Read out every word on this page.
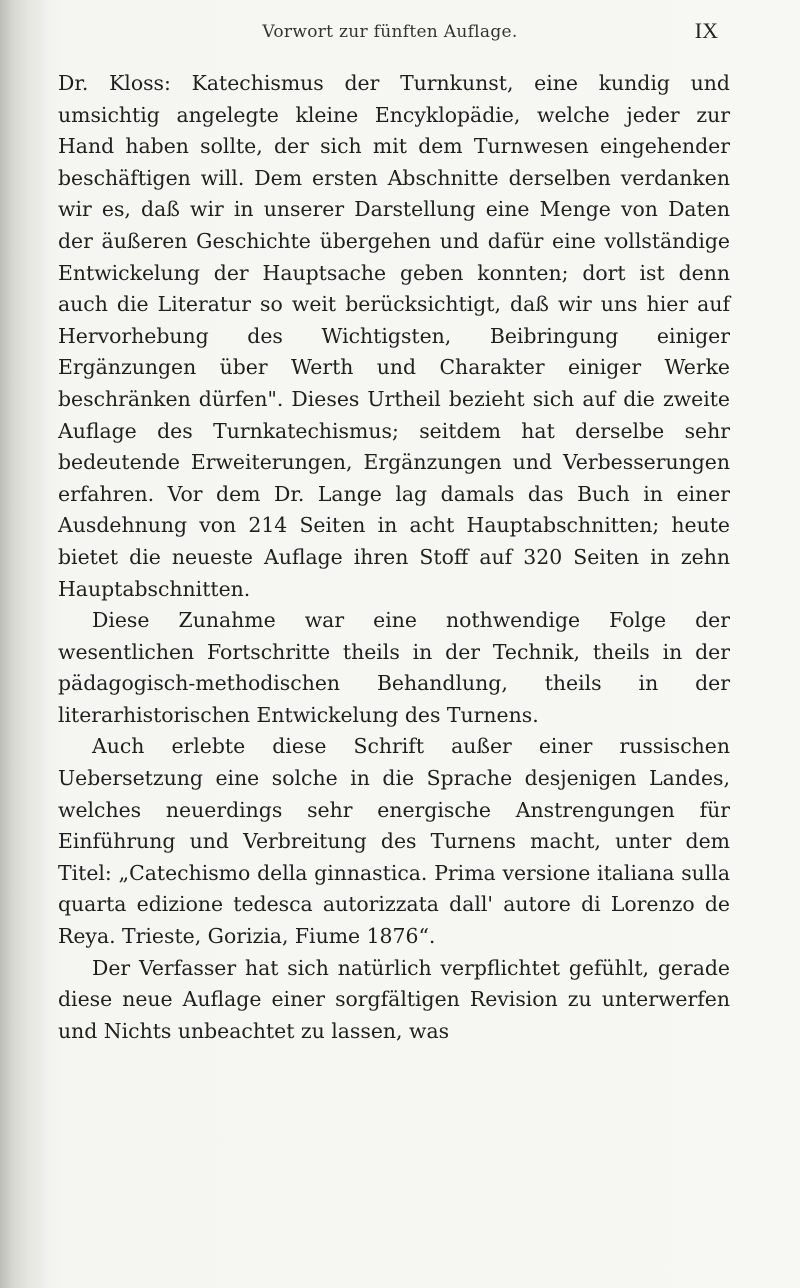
Vorwort zur fünften Auflage.	IX

Dr. Kloss: Katechismus der Turnkunst, eine kundig und umsichtig angelegte kleine Encyklopädie, welche jeder zur Hand haben sollte, der sich mit dem Turnwesen eingehender beschäftigen will. Dem ersten Abschnitte derselben verdanken wir es, daß wir in unserer Darstellung eine Menge von Daten der äußeren Geschichte übergehen und dafür eine vollständige Entwickelung der Hauptsache geben konnten; dort ist denn auch die Literatur so weit berücksichtigt, daß wir uns hier auf Hervorhebung des Wichtigsten, Beibringung einiger Ergänzungen über Werth und Charakter einiger Werke beschränken dürfen". Dieses Urtheil bezieht sich auf die zweite Auflage des Turnkatechismus; seitdem hat derselbe sehr bedeutende Erweiterungen, Ergänzungen und Verbesserungen erfahren. Vor dem Dr. Lange lag damals das Buch in einer Ausdehnung von 214 Seiten in acht Hauptabschnitten; heute bietet die neueste Auflage ihren Stoff auf 320 Seiten in zehn Hauptabschnitten.

Diese Zunahme war eine nothwendige Folge der wesentlichen Fortschritte theils in der Technik, theils in der pädagogisch-methodischen Behandlung, theils in der literarhistorischen Entwickelung des Turnens.

Auch erlebte diese Schrift außer einer russischen Uebersetzung eine solche in die Sprache desjenigen Landes, welches neuerdings sehr energische Anstrengungen für Einführung und Verbreitung des Turnens macht, unter dem Titel: „Catechismo della ginnastica. Prima versione italiana sulla quarta edizione tedesca autorizzata dall' autore di Lorenzo de Reya. Trieste, Gorizia, Fiume 1876“.

Der Verfasser hat sich natürlich verpflichtet gefühlt, gerade diese neue Auflage einer sorgfältigen Revision zu unterwerfen und Nichts unbeachtet zu lassen, was
